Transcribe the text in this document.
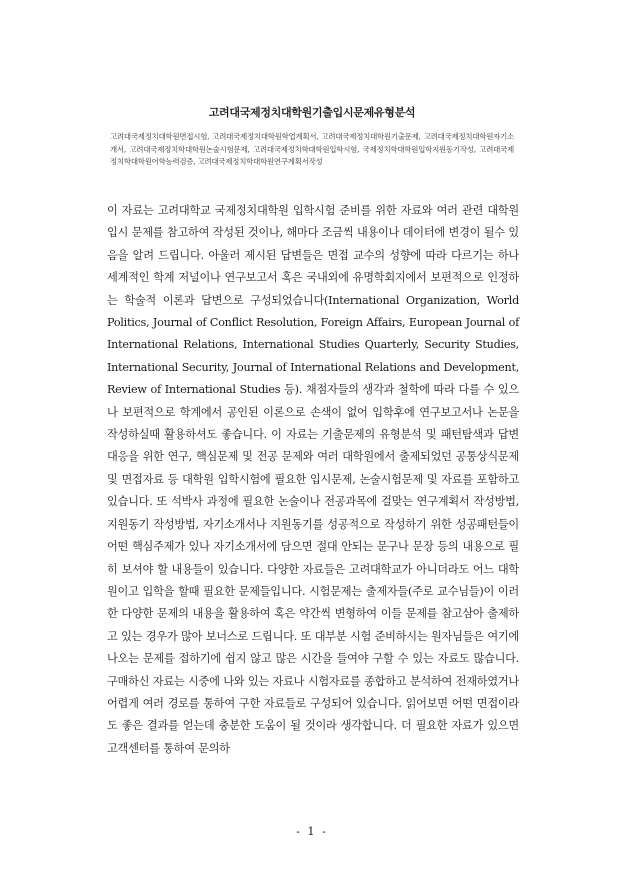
고려대국제정치대학원기출입시문제유형분석
고려대국제정치대학원면접시험, 고려대국제정치대학원학업계획서, 고려대국제정치대학원기출문제, 고려대국제정치대학원자기소개서, 고려대국제정치학대학원논술시험문제, 고려대국제정치학대학원입학시험, 국제정치학대학원입학지원동기작성, 고려대국제정치학대학원어학능력검증, 고려대국제정치학대학원연구계획서작성

이 자료는 고려대학교 국제정치대학원 입학시험 준비를 위한 자료와 여러 관련 대학원 입시 문제를 참고하여 작성된 것이나, 해마다 조금씩 내용이나 데이터에 변경이 될수 있음을 알려 드립니다. 아울러 제시된 답변들은 면접 교수의 성향에 따라 다르기는 하나 세계적인 학계 저널이나 연구보고서 혹은 국내외에 유명학회지에서 보편적으로 인정하는 학술적 이론과 답변으로 구성되었습니다(International Organization, World Politics, Journal of Conflict Resolution, Foreign Affairs, European Journal of International Relations, International Studies Quarterly, Security Studies, International Security, Journal of International Relations and Development, Review of International Studies 등). 채점자들의 생각과 철학에 따라 다를 수 있으나 보편적으로 학계에서 공인된 이론으로 손색이 없어 입학후에 연구보고서나 논문을 작성하실때 활용하셔도 좋습니다. 이 자료는 기출문제의 유형분석 및 패턴탐색과 답변대응을 위한 연구, 핵심문제 및 전공 문제와 여러 대학원에서 출제되었던 공통상식문제 및 면접자료 등 대학원 입학시험에 필요한 입시문제, 논술시험문제 및 자료를 포함하고 있습니다. 또 석박사 과정에 필요한 논술이나 전공과목에 걸맞는 연구계획서 작성방법, 지원동기 작성방법, 자기소개서나 지원동기를 성공적으로 작성하기 위한 성공패턴들이 어떤 핵심주제가 있나 자기소개서에 담으면 절대 안되는 문구나 문장 등의 내용으로 필히 보셔야 할 내용들이 있습니다. 다양한 자료들은 고려대학교가 아니더라도 어느 대학원이고 입학을 할때 필요한 문제들입니다. 시험문제는 출제자들(주로 교수님들)이 이러한 다양한 문제의 내용을 활용하여 혹은 약간씩 변형하여 이들 문제를 참고삼아 출제하고 있는 경우가 많아 보너스로 드립니다. 또 대부분 시험 준비하시는 원자님들은 여기에 나오는 문제를 접하기에 쉽지 않고 많은 시간을 들여야 구할 수 있는 자료도 많습니다. 구매하신 자료는 시중에 나와 있는 자료나 시험자료를 종합하고 분석하여 전재하였거나 어렵게 여러 경로를 통하여 구한 자료들로 구성되어 있습니다. 읽어보면 어떤 면접이라도 좋은 결과를 얻는데 충분한 도움이 될 것이라 생각합니다. 더 필요한 자료가 있으면 고객센터를 통하여 문의하

- 1 -
